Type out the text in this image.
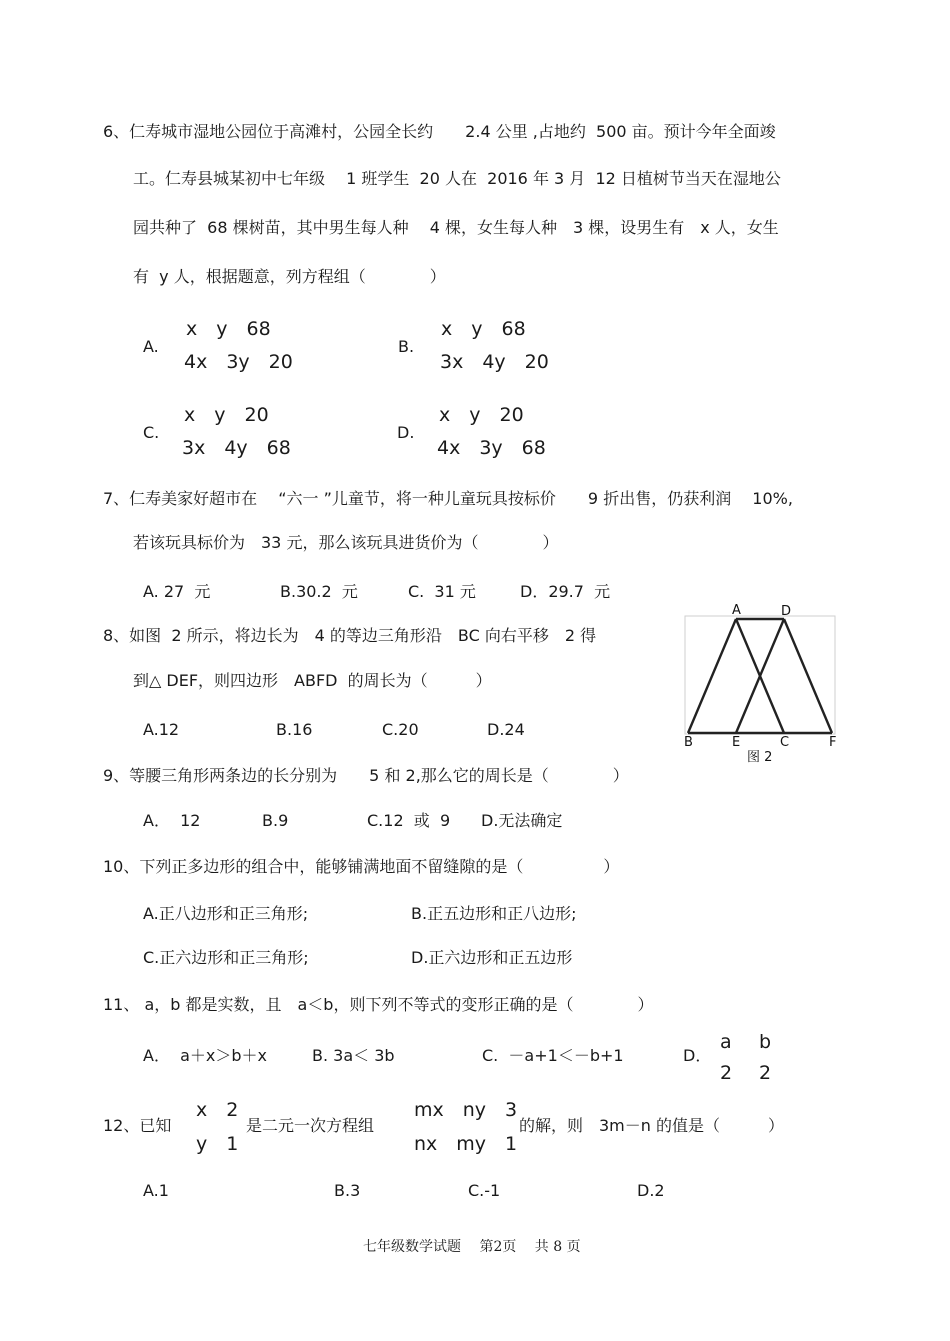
6、仁寿城市湿地公园位于高滩村，公园全长约　　2.4 公里 ,占地约  500 亩。预计今年全面竣
工。仁寿县城某初中七年级　 1 班学生  20 人在  2016 年 3 月  12 日植树节当天在湿地公
园共种了  68 棵树苗，其中男生每人种　 4 棵，女生每人种　3 棵，设男生有　x 人，女生
有  y 人，根据题意，列方程组（　　　　）
A.
x　y　68
4x　3y　20
B.
x　y　68
3x　4y　20
C.
x　y　20
3x　4y　68
D.
x　y　20
4x　3y　68
7、仁寿美家好超市在　 “六一 ”儿童节，将一种儿童玩具按标价　　9 折出售，仍获利润　 10%,
若该玩具标价为　33 元，那么该玩具进货价为（　　　　）
A. 27  元	B.30.2  元	C.  31 元	D．29.7  元
8、如图  2 所示，将边长为　4 的等边三角形沿　BC 向右平移　2 得
到△ DEF，则四边形　ABFD  的周长为（　　　）
A.12	B.16	C.20	D.24
A	D
B	E	C	F
图 2
9、等腰三角形两条边的长分别为　　5 和 2,那么它的周长是（　　　　）
A．  12	B.9	C.12  或  9 D.无法确定
10、下列正多边形的组合中，能够铺满地面不留缝隙的是（　　　　　）
A.正八边形和正三角形;	B.正五边形和正八边形;
C.正六边形和正三角形;	D.正六边形和正五边形
11、 a，b 都是实数，且　a＜b，则下列不等式的变形正确的是（　　　　）
A．  a＋x＞b＋x	B. 3a＜ 3b	C.  －a+1＜－b+1	D．
a
2
b
2
12、已知
x　2
y　1
是二元一次方程组
mx　ny　3
nx　my　1
的解，则　3m－n 的值是（　　　）
A.1	B.3	C.-1	D.2
七年级数学试题　 第2页　 共 8 页
